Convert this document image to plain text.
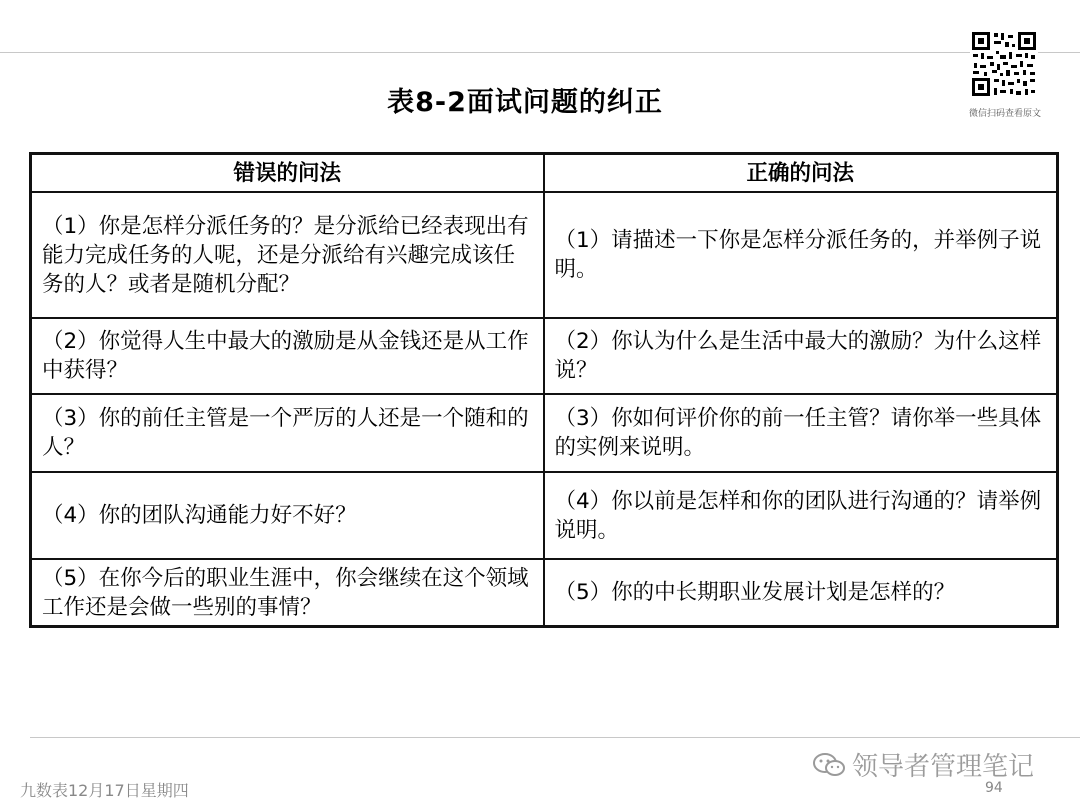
微信扫码查看原文
表8-2面试问题的纠正
错误的问法	正确的问法
（1）你是怎样分派任务的？是分派给已经表现出有能力完成任务的人呢，还是分派给有兴趣完成该任务的人？或者是随机分配？	（1）请描述一下你是怎样分派任务的，并举例子说明。
（2）你觉得人生中最大的激励是从金钱还是从工作中获得？	（2）你认为什么是生活中最大的激励？为什么这样说？
（3）你的前任主管是一个严厉的人还是一个随和的人？	（3）你如何评价你的前一任主管？请你举一些具体的实例来说明。
（4）你的团队沟通能力好不好？	（4）你以前是怎样和你的团队进行沟通的？请举例说明。
（5）在你今后的职业生涯中，你会继续在这个领域工作还是会做一些别的事情？	（5）你的中长期职业发展计划是怎样的？
领导者管理笔记
九数表12月17日星期四	94
